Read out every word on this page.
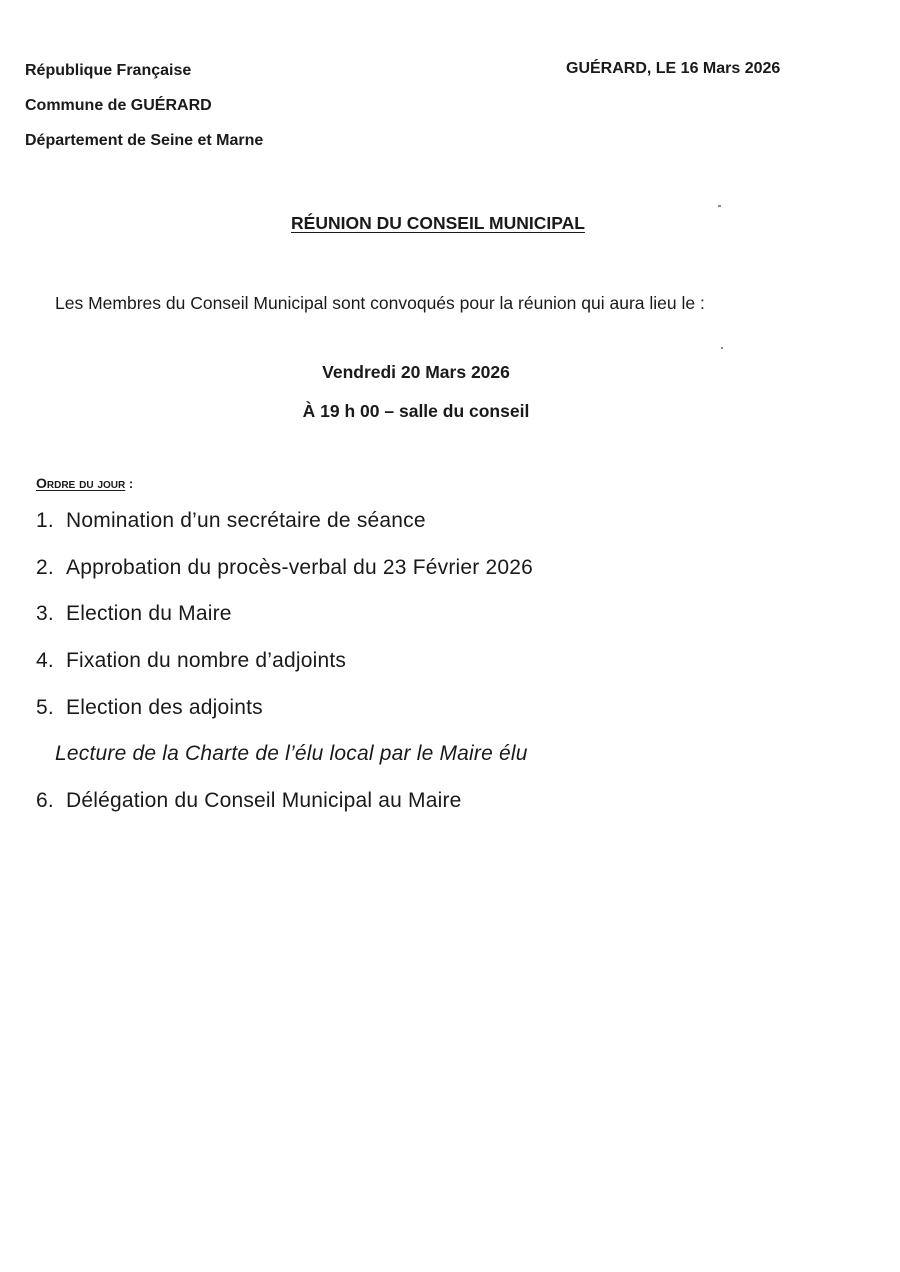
République Française
Commune de GUÉRARD
Département de Seine et Marne
GUÉRARD, LE 16 Mars 2026
RÉUNION DU CONSEIL MUNICIPAL
Les Membres du Conseil Municipal sont convoqués pour la réunion qui aura lieu le :
Vendredi 20 Mars 2026
À 19 h 00 – salle du conseil
Ordre du jour :
1. Nomination d’un secrétaire de séance
2. Approbation du procès-verbal du 23 Février 2026
3. Election du Maire
4. Fixation du nombre d’adjoints
5. Election des adjoints
Lecture de la Charte de l’élu local par le Maire élu
6. Délégation du Conseil Municipal au Maire
